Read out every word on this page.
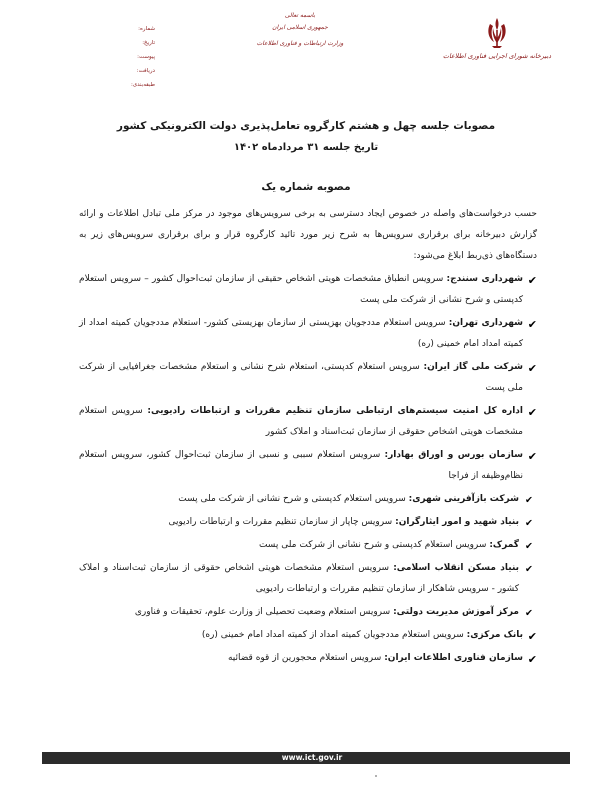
دبیرخانه شورای اجرایی فناوری اطلاعات
باسمه تعالی
جمهوری اسلامی ایران
وزارت ارتباطات و فناوری اطلاعات
شماره:
تاریخ:
پیوست:
دریافت:
طبقه‌بندی:
مصوبات جلسه چهل و هشتم کارگروه تعامل‌پذیری دولت الکترونیکی کشور
تاریخ جلسه ۳۱ مردادماه ۱۴۰۲
مصوبه شماره یک
حسب درخواست‌های واصله در خصوص ایجاد دسترسی به برخی سرویس‌های موجود در مرکز ملی تبادل اطلاعات و ارائه گزارش دبیرخانه برای برقراری سرویس‌ها به شرح زیر مورد تائید کارگروه قرار و برای برقراری سرویس‌های زیر به دستگاه‌های ذی‌ربط ابلاغ می‌شود:
✔
شهرداری سنندج: سرویس انطباق مشخصات هویتی اشخاص حقیقی از سازمان ثبت‌احوال کشور – سرویس استعلام کدپستی و شرح نشانی از شرکت ملی پست
✔
شهرداری تهران: سرویس استعلام مددجویان بهزیستی از سازمان بهزیستی کشور- استعلام مددجویان کمیته امداد از کمیته امداد امام خمینی (ره)
✔
شرکت ملی گاز ایران: سرویس استعلام کدپستی، استعلام شرح نشانی و استعلام مشخصات جغرافیایی از شرکت ملی پست
✔
اداره کل امنیت سیستم‌های ارتباطی سازمان تنظیم مقررات و ارتباطات رادیویی: سرویس استعلام مشخصات هویتی اشخاص حقوقی از سازمان ثبت‌اسناد و املاک کشور
✔
سازمان بورس و اوراق بهادار: سرویس استعلام سببی و نسبی از سازمان ثبت‌احوال کشور، سرویس استعلام نظام‌وظیفه از فراجا
✔
شرکت بازآفرینی شهری: سرویس استعلام کدپستی و شرح نشانی از شرکت ملی پست
✔
بنیاد شهید و امور ایثارگران: سرویس چاپار از سازمان تنظیم مقررات و ارتباطات رادیویی
✔
گمرک: سرویس استعلام کدپستی و شرح نشانی از شرکت ملی پست
✔
بنیاد مسکن انقلاب اسلامی: سرویس استعلام مشخصات هویتی اشخاص حقوقی از سازمان ثبت‌اسناد و املاک کشور - سرویس شاهکار از سازمان تنظیم مقررات و ارتباطات رادیویی
✔
مرکز آموزش مدیریت دولتی: سرویس استعلام وضعیت تحصیلی از وزارت علوم، تحقیقات و فناوری
✔
بانک مرکزی: سرویس استعلام مددجویان کمیته امداد از کمیته امداد امام خمینی (ره)
✔
سازمان فناوری اطلاعات ایران: سرویس استعلام محجورین از قوه قضائیه
www.ict.gov.ir
